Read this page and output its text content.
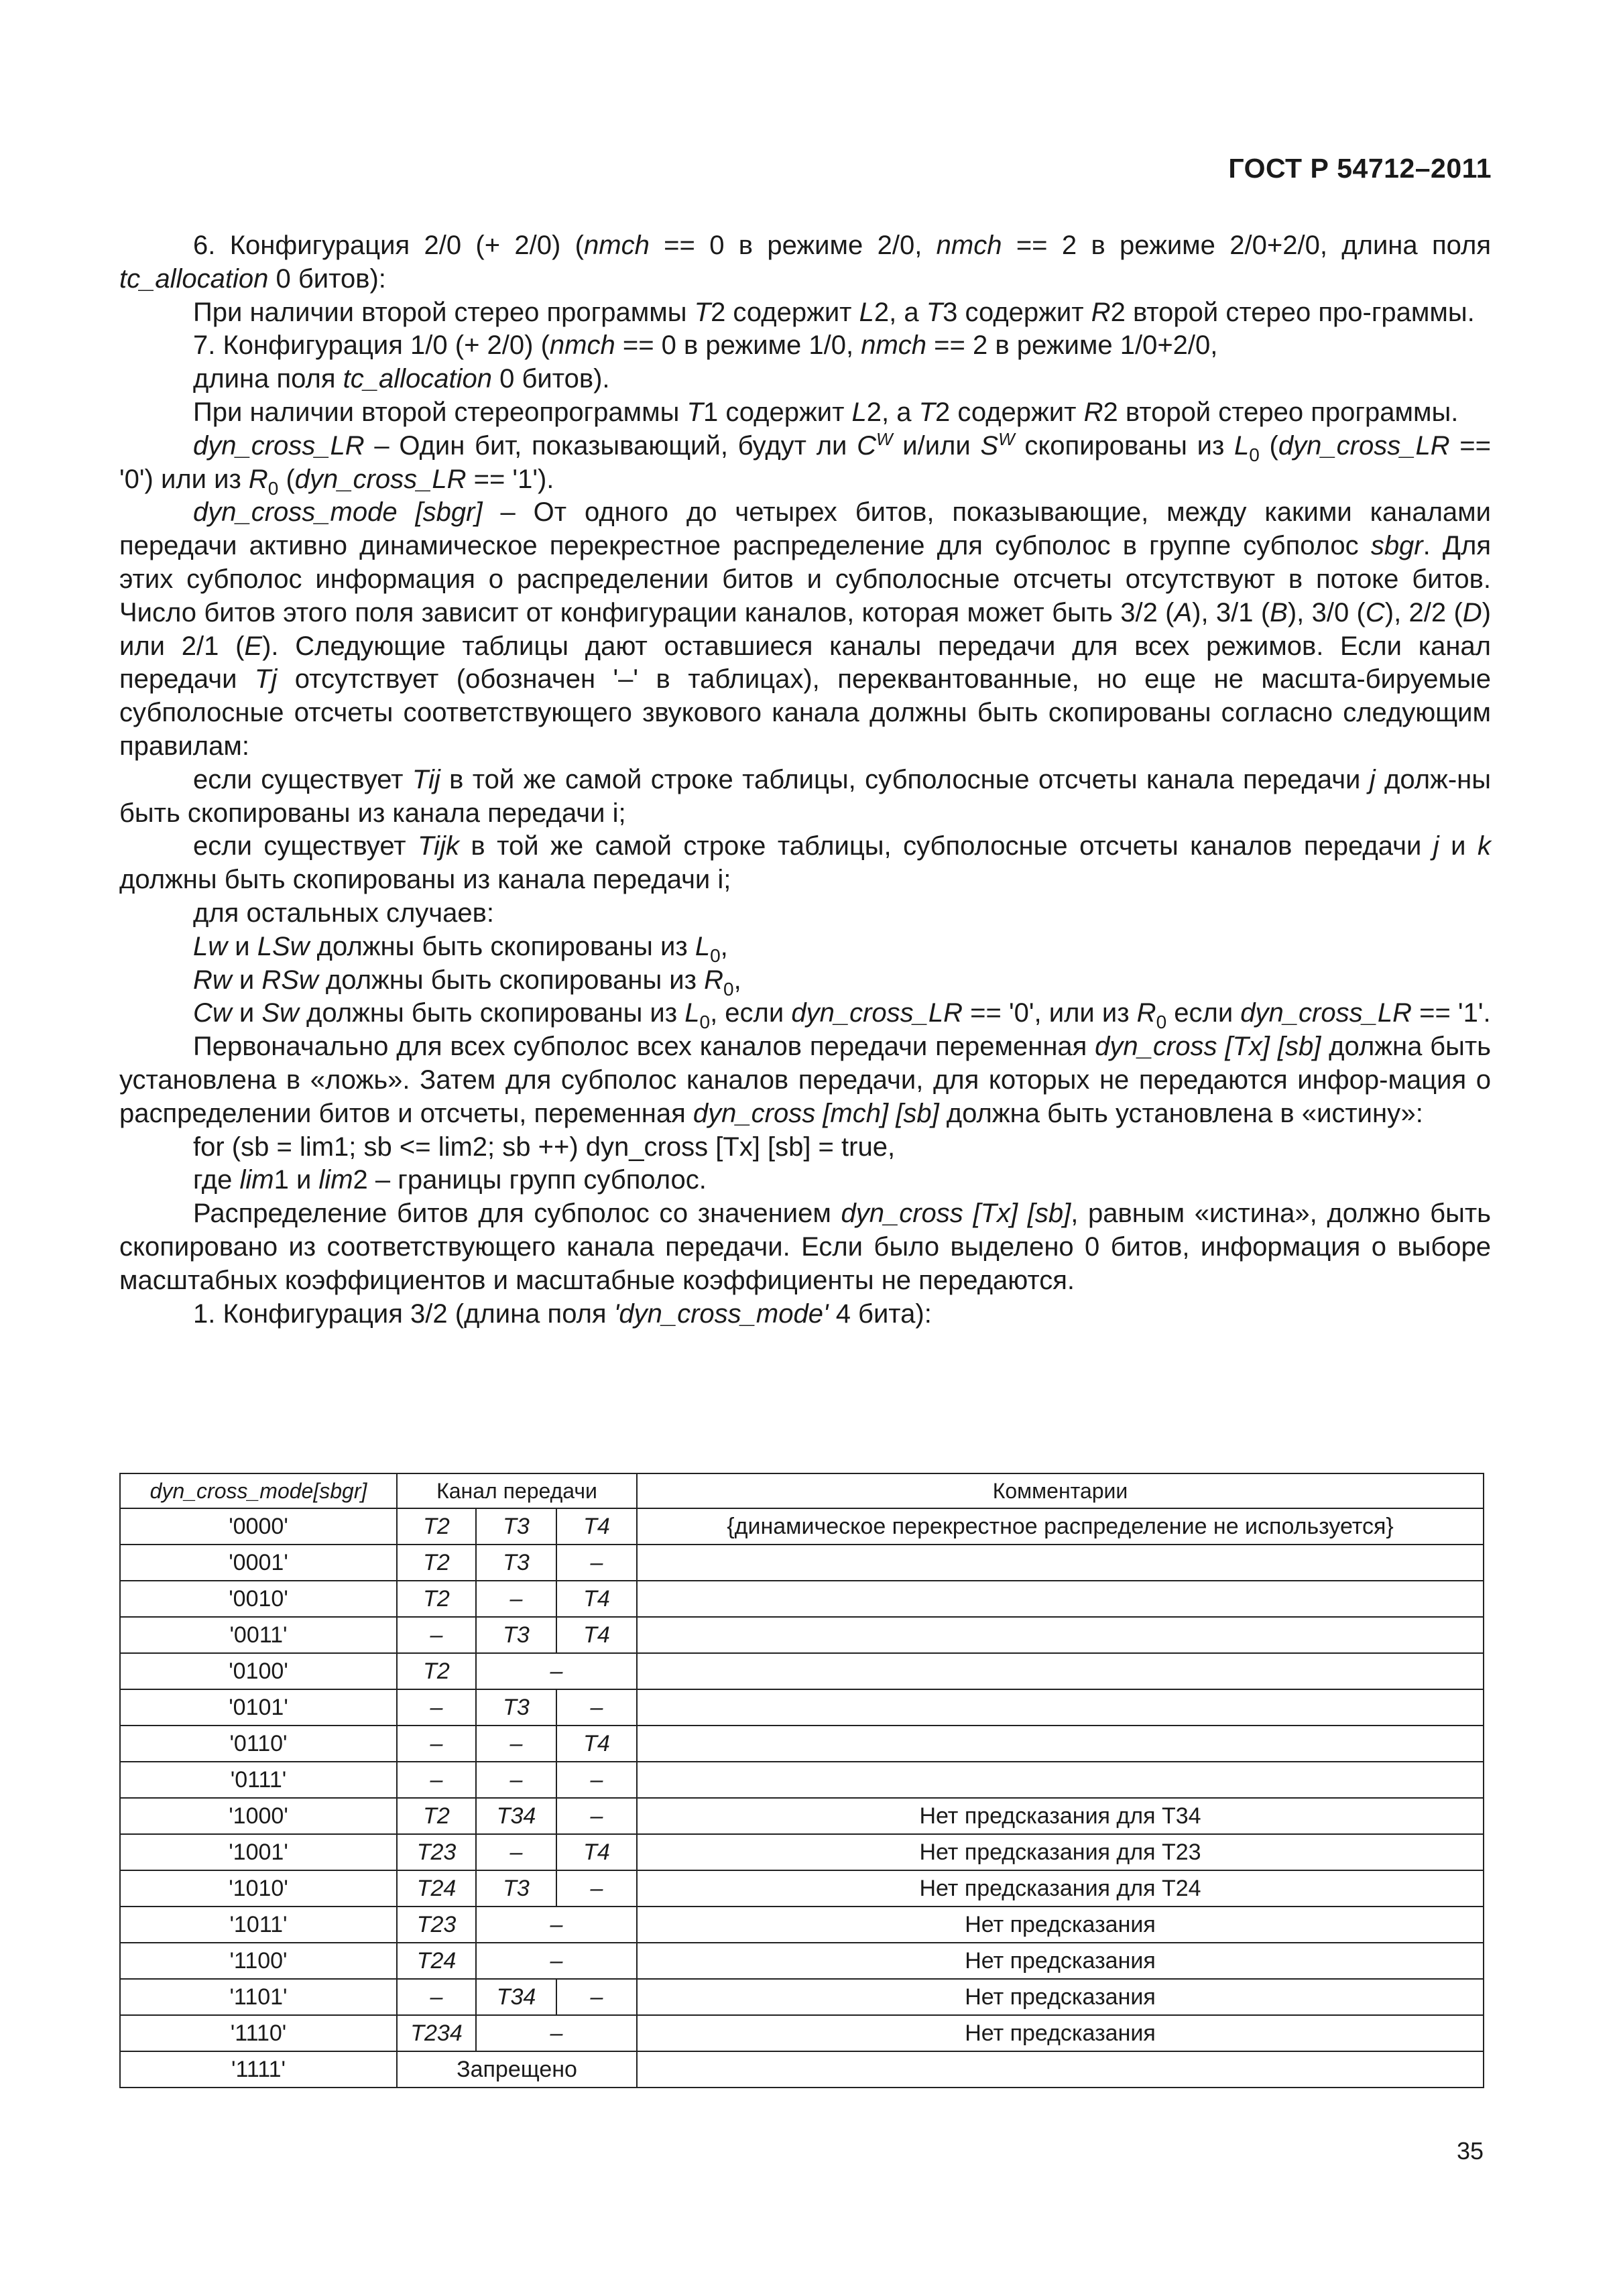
ГОСТ Р 54712–2011

6. Конфигурация 2/0 (+ 2/0) (nmch == 0 в режиме 2/0, nmch == 2 в режиме 2/0+2/0, длина поля tc_allocation 0 битов):

При наличии второй стерео программы T2 содержит L2, а T3 содержит R2 второй стерео про-граммы.

7. Конфигурация 1/0 (+ 2/0) (nmch == 0 в режиме 1/0, nmch == 2 в режиме 1/0+2/0,

длина поля tc_allocation 0 битов).

При наличии второй стереопрограммы T1 содержит L2, а T2 содержит R2 второй стерео программы.

dyn_cross_LR – Один бит, показывающий, будут ли $C^W$ и/или $S^W$ скопированы из $L_0$ (dyn_cross_LR == '0') или из $R_0$ (dyn_cross_LR == '1').

dyn_cross_mode [sbgr] – От одного до четырех битов, показывающие, между какими каналами передачи активно динамическое перекрестное распределение для субполос в группе субполос sbgr. Для этих субполос информация о распределении битов и субполосные отсчеты отсутствуют в потоке битов. Число битов этого поля зависит от конфигурации каналов, которая может быть 3/2 (A), 3/1 (B), 3/0 (C), 2/2 (D) или 2/1 (E). Следующие таблицы дают оставшиеся каналы передачи для всех режимов. Если канал передачи Tj отсутствует (обозначен '–' в таблицах), переквантованные, но еще не масшта-бируемые субполосные отсчеты соответствующего звукового канала должны быть скопированы согласно следующим правилам:

если существует Tij в той же самой строке таблицы, субполосные отсчеты канала передачи j долж-ны быть скопированы из канала передачи i;

если существует Tijk в той же самой строке таблицы, субполосные отсчеты каналов передачи j и k должны быть скопированы из канала передачи i;

для остальных случаев:

Lw и LSw должны быть скопированы из $L_0$,

Rw и RSw должны быть скопированы из $R_0$,

Cw и Sw должны быть скопированы из $L_0$, если dyn_cross_LR == '0', или из $R_0$ если dyn_cross_LR == '1'.

Первоначально для всех субполос всех каналов передачи переменная dyn_cross [Tx] [sb] должна быть установлена в «ложь». Затем для субполос каналов передачи, для которых не передаются инфор-мация о распределении битов и отсчеты, переменная dyn_cross [mch] [sb] должна быть установлена в «истину»:

for (sb = lim1; sb <= lim2; sb ++) dyn_cross [Tx] [sb] = true,

где lim1 и lim2 – границы групп субполос.

Распределение битов для субполос со значением dyn_cross [Tx] [sb], равным «истина», должно быть скопировано из соответствующего канала передачи. Если было выделено 0 битов, информация о выборе масштабных коэффициентов и масштабные коэффициенты не передаются.

1. Конфигурация 3/2 (длина поля 'dyn_cross_mode' 4 бита):

dyn_cross_mode[sbgr]	Канал передачи			Комментарии
'0000'	T2	T3	T4	{динамическое перекрестное распределение не используется}
'0001'	T2	T3	–	
'0010'	T2	–	T4	
'0011'	–	T3	T4	
'0100'	T2	–		
'0101'	–	T3	–	
'0110'	–	–	T4	
'0111'	–	–	–	
'1000'	T2	T34	–	Нет предсказания для T34
'1001'	T23	–	T4	Нет предсказания для T23
'1010'	T24	T3	–	Нет предсказания для T24
'1011'	T23	–		Нет предсказания
'1100'	T24	–		Нет предсказания
'1101'	–	T34	–	Нет предсказания
'1110'	T234	–		Нет предсказания
'1111'	Запрещено			
35
